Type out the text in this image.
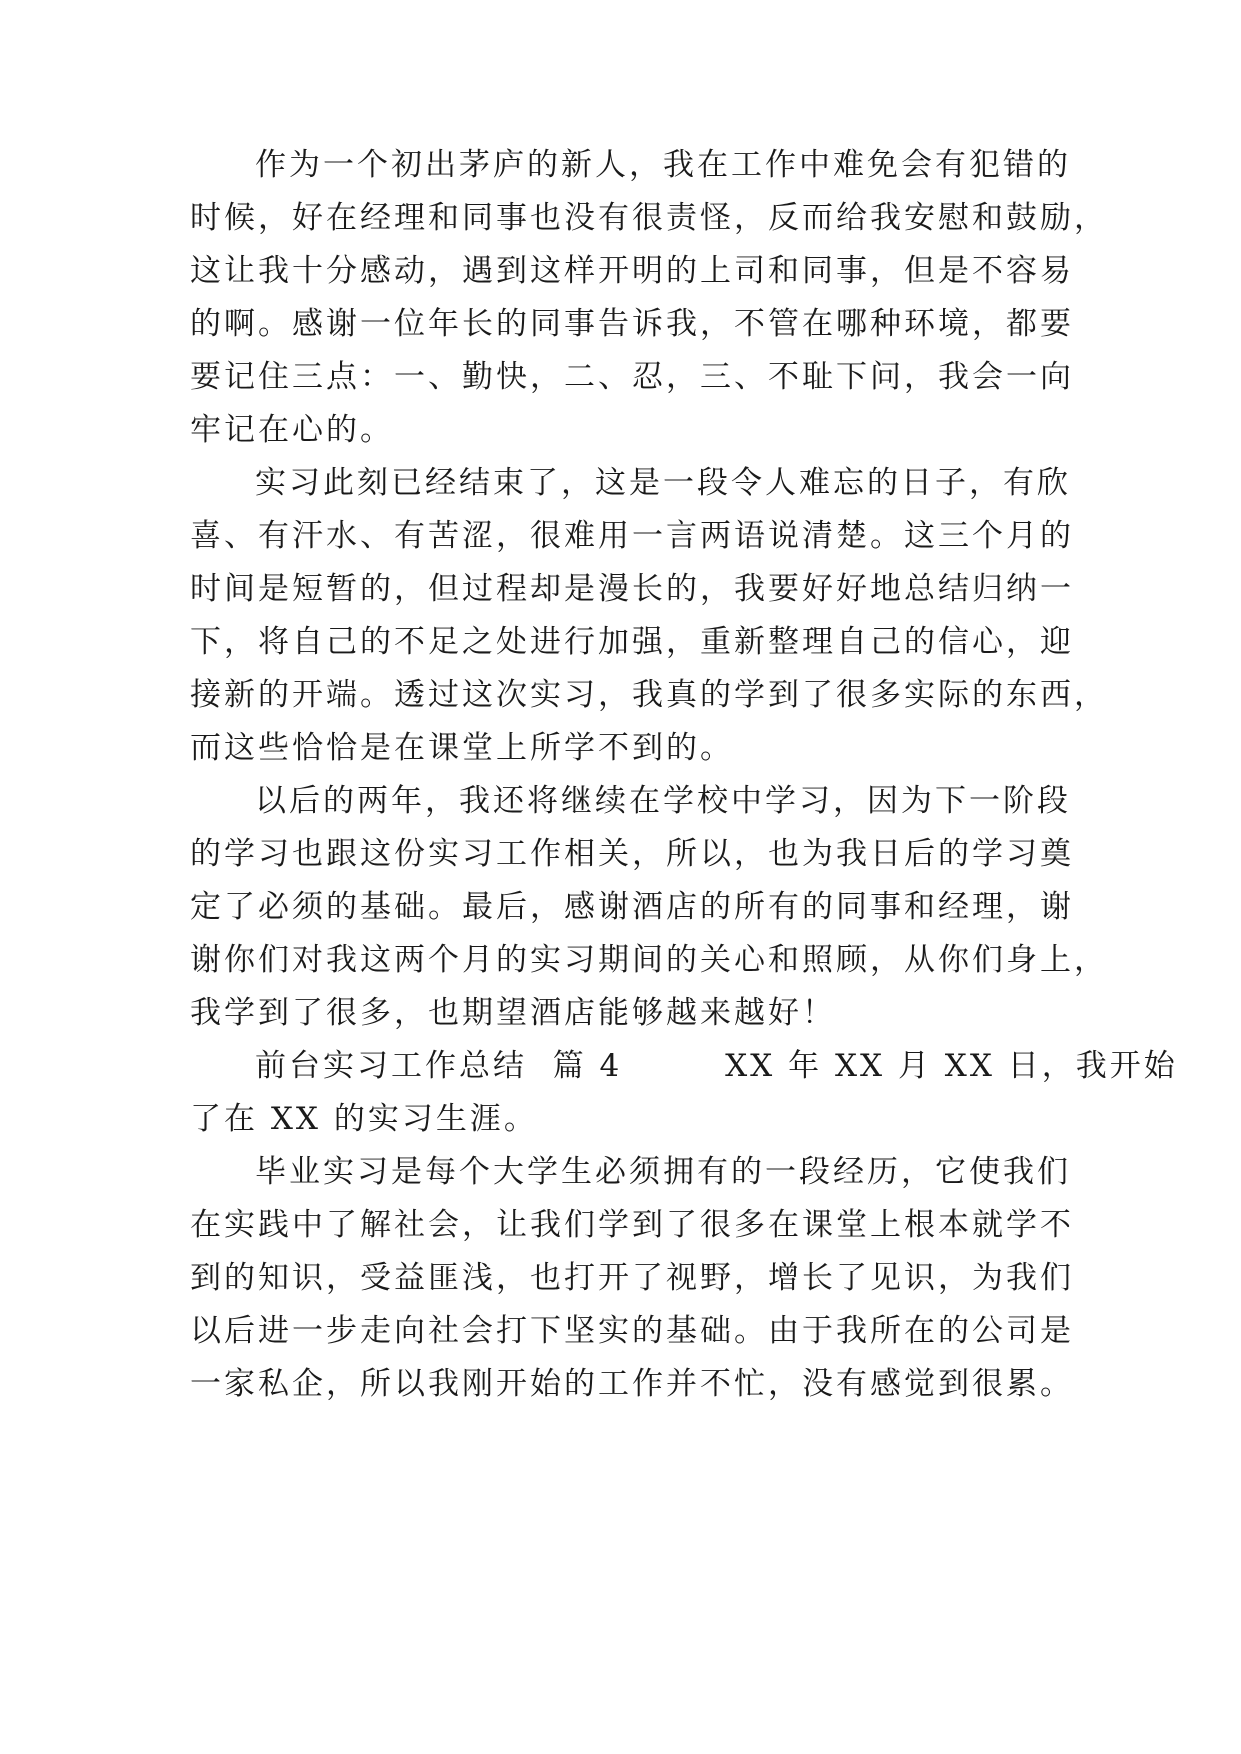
作为一个初出茅庐的新人，我在工作中难免会有犯错的
时候，好在经理和同事也没有很责怪，反而给我安慰和鼓励，
这让我十分感动，遇到这样开明的上司和同事，但是不容易
的啊。感谢一位年长的同事告诉我，不管在哪种环境，都要
要记住三点：一、勤快，二、忍，三、不耻下问，我会一向
牢记在心的。
实习此刻已经结束了，这是一段令人难忘的日子，有欣
喜、有汗水、有苦涩，很难用一言两语说清楚。这三个月的
时间是短暂的，但过程却是漫长的，我要好好地总结归纳一
下，将自己的不足之处进行加强，重新整理自己的信心，迎
接新的开端。透过这次实习，我真的学到了很多实际的东西，
而这些恰恰是在课堂上所学不到的。
以后的两年，我还将继续在学校中学习，因为下一阶段
的学习也跟这份实习工作相关，所以，也为我日后的学习奠
定了必须的基础。最后，感谢酒店的所有的同事和经理，谢
谢你们对我这两个月的实习期间的关心和照顾，从你们身上，
我学到了很多，也期望酒店能够越来越好！
前台实习工作总结  篇 4        XX 年 XX 月 XX 日，我开始
了在 XX 的实习生涯。
毕业实习是每个大学生必须拥有的一段经历，它使我们
在实践中了解社会，让我们学到了很多在课堂上根本就学不
到的知识，受益匪浅，也打开了视野，增长了见识，为我们
以后进一步走向社会打下坚实的基础。由于我所在的公司是
一家私企，所以我刚开始的工作并不忙，没有感觉到很累。
